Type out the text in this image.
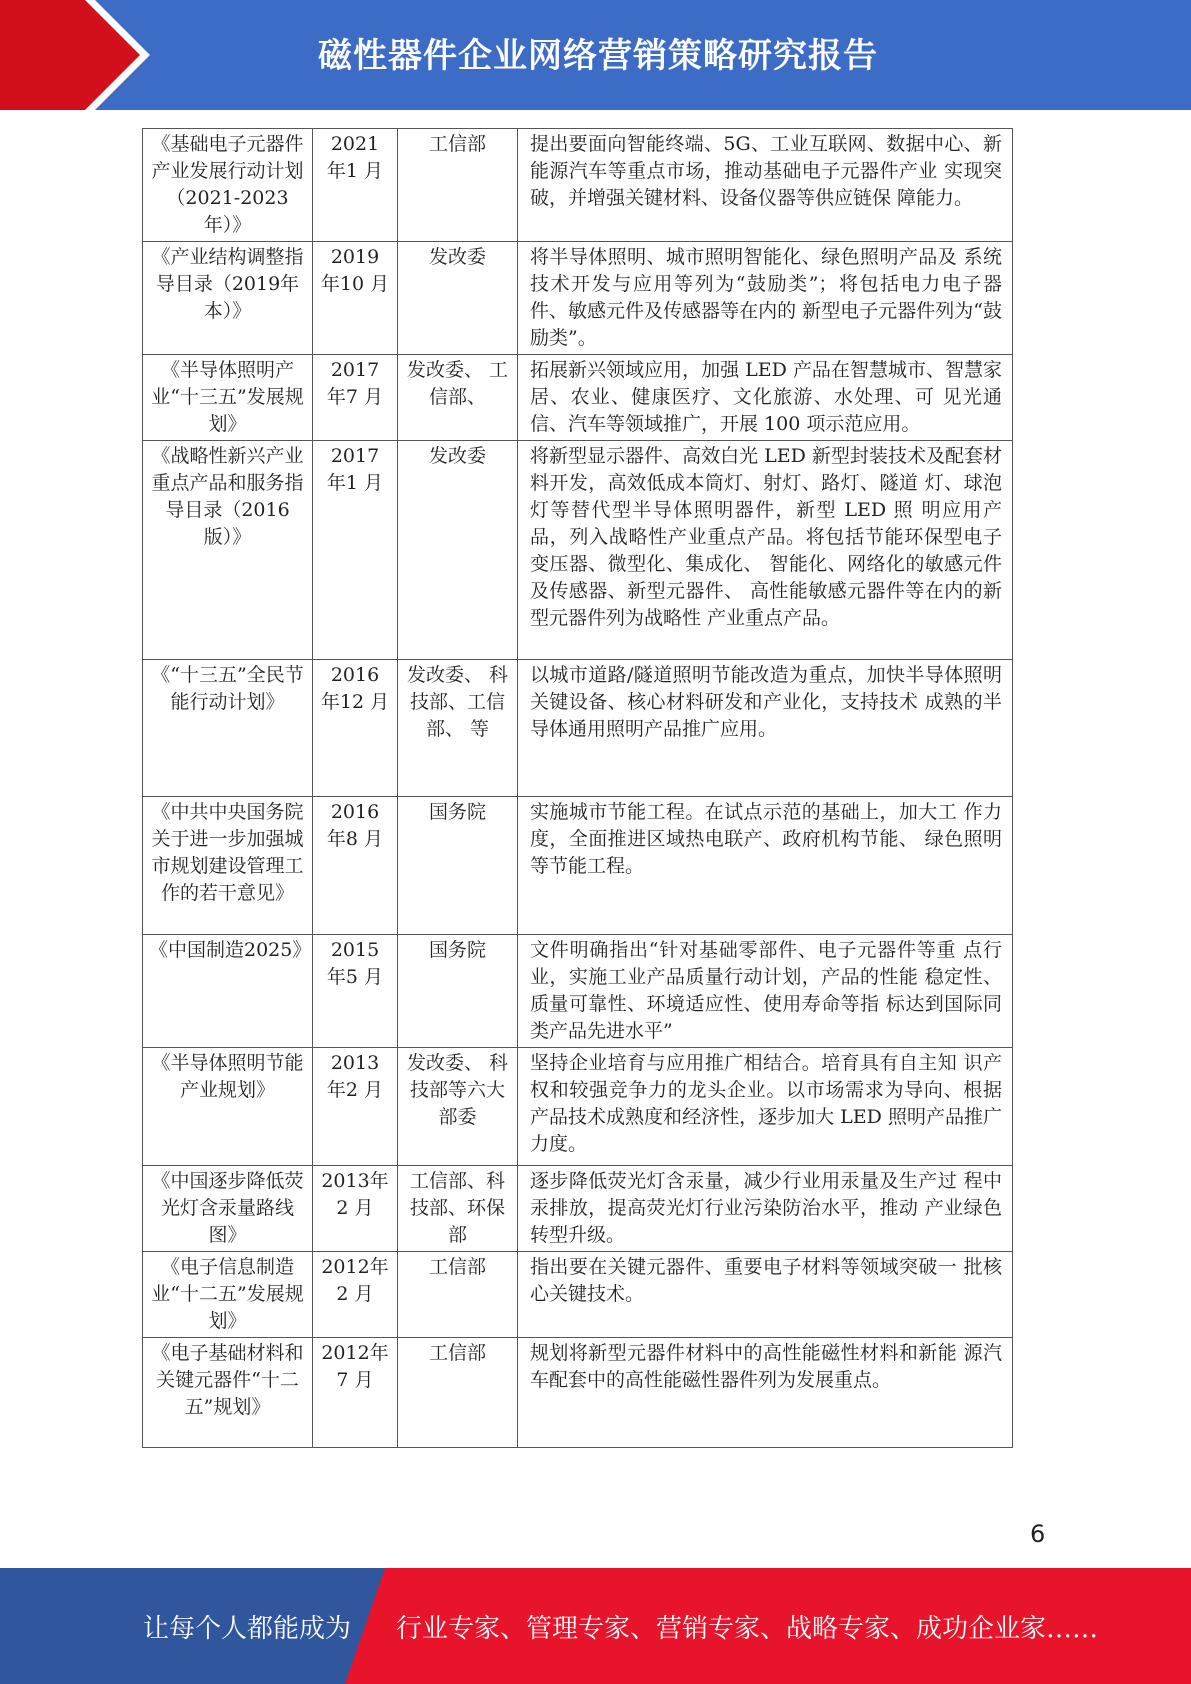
磁性器件企业网络营销策略研究报告
《基础电子元器件产业发展行动计划（2021-2023年）》	2021 年1 月	工信部	提出要面向智能终端、5G、工业互联网、数据中心、新能源汽车等重点市场，推动基础电子元器件产业 实现突破，并增强关键材料、设备仪器等供应链保 障能力。
《产业结构调整指导目录（2019年本）》	2019 年10 月	发改委	将半导体照明、城市照明智能化、绿色照明产品及 系统技术开发与应用等列为“鼓励类”；将包括电力电子器件、敏感元件及传感器等在内的 新型电子元器件列为“鼓励类”。
《半导体照明产业“十三五”发展规划》	2017 年7 月	发改委、 工信部、	拓展新兴领域应用，加强 LED 产品在智慧城市、智慧家居、农业、健康医疗、文化旅游、水处理、可 见光通信、汽车等领域推广，开展 100 项示范应用。
《战略性新兴产业重点产品和服务指导目录（2016 版）》	2017 年1 月	发改委	将新型显示器件、高效白光 LED 新型封装技术及配套材料开发，高效低成本筒灯、射灯、路灯、隧道 灯、球泡灯等替代型半导体照明器件，新型 LED 照 明应用产品，列入战略性产业重点产品。将包括节能环保型电子变压器、微型化、集成化、 智能化、网络化的敏感元件及传感器、新型元器件、 高性能敏感元器件等在内的新型元器件列为战略性 产业重点产品。
《“十三五”全民节能行动计划》	2016 年12 月	发改委、 科技部、工信部、 等	以城市道路/隧道照明节能改造为重点，加快半导体照明关键设备、核心材料研发和产业化，支持技术 成熟的半导体通用照明产品推广应用。
《中共中央国务院关于进一步加强城市规划建设管理工作的若干意见》	2016 年8 月	国务院	实施城市节能工程。在试点示范的基础上，加大工 作力度，全面推进区域热电联产、政府机构节能、 绿色照明等节能工程。
《中国制造2025》	2015 年5 月	国务院	文件明确指出“针对基础零部件、电子元器件等重 点行业，实施工业产品质量行动计划，产品的性能 稳定性、质量可靠性、环境适应性、使用寿命等指 标达到国际同类产品先进水平”
《半导体照明节能产业规划》	2013 年2 月	发改委、 科技部等六大部委	坚持企业培育与应用推广相结合。培育具有自主知 识产权和较强竞争力的龙头企业。以市场需求为导向、根据产品技术成熟度和经济性，逐步加大 LED 照明产品推广力度。
《中国逐步降低荧光灯含汞量路线图》	2013年2 月	工信部、科技部、环保部	逐步降低荧光灯含汞量，减少行业用汞量及生产过 程中汞排放，提高荧光灯行业污染防治水平，推动 产业绿色转型升级。
《电子信息制造业“十二五”发展规划》	2012年2 月	工信部	指出要在关键元器件、重要电子材料等领域突破一 批核心关键技术。
《电子基础材料和关键元器件“十二五”规划》	2012年7 月	工信部	规划将新型元器件材料中的高性能磁性材料和新能 源汽车配套中的高性能磁性器件列为发展重点。
6
让每个人都能成为 行业专家、管理专家、营销专家、战略专家、成功企业家……
